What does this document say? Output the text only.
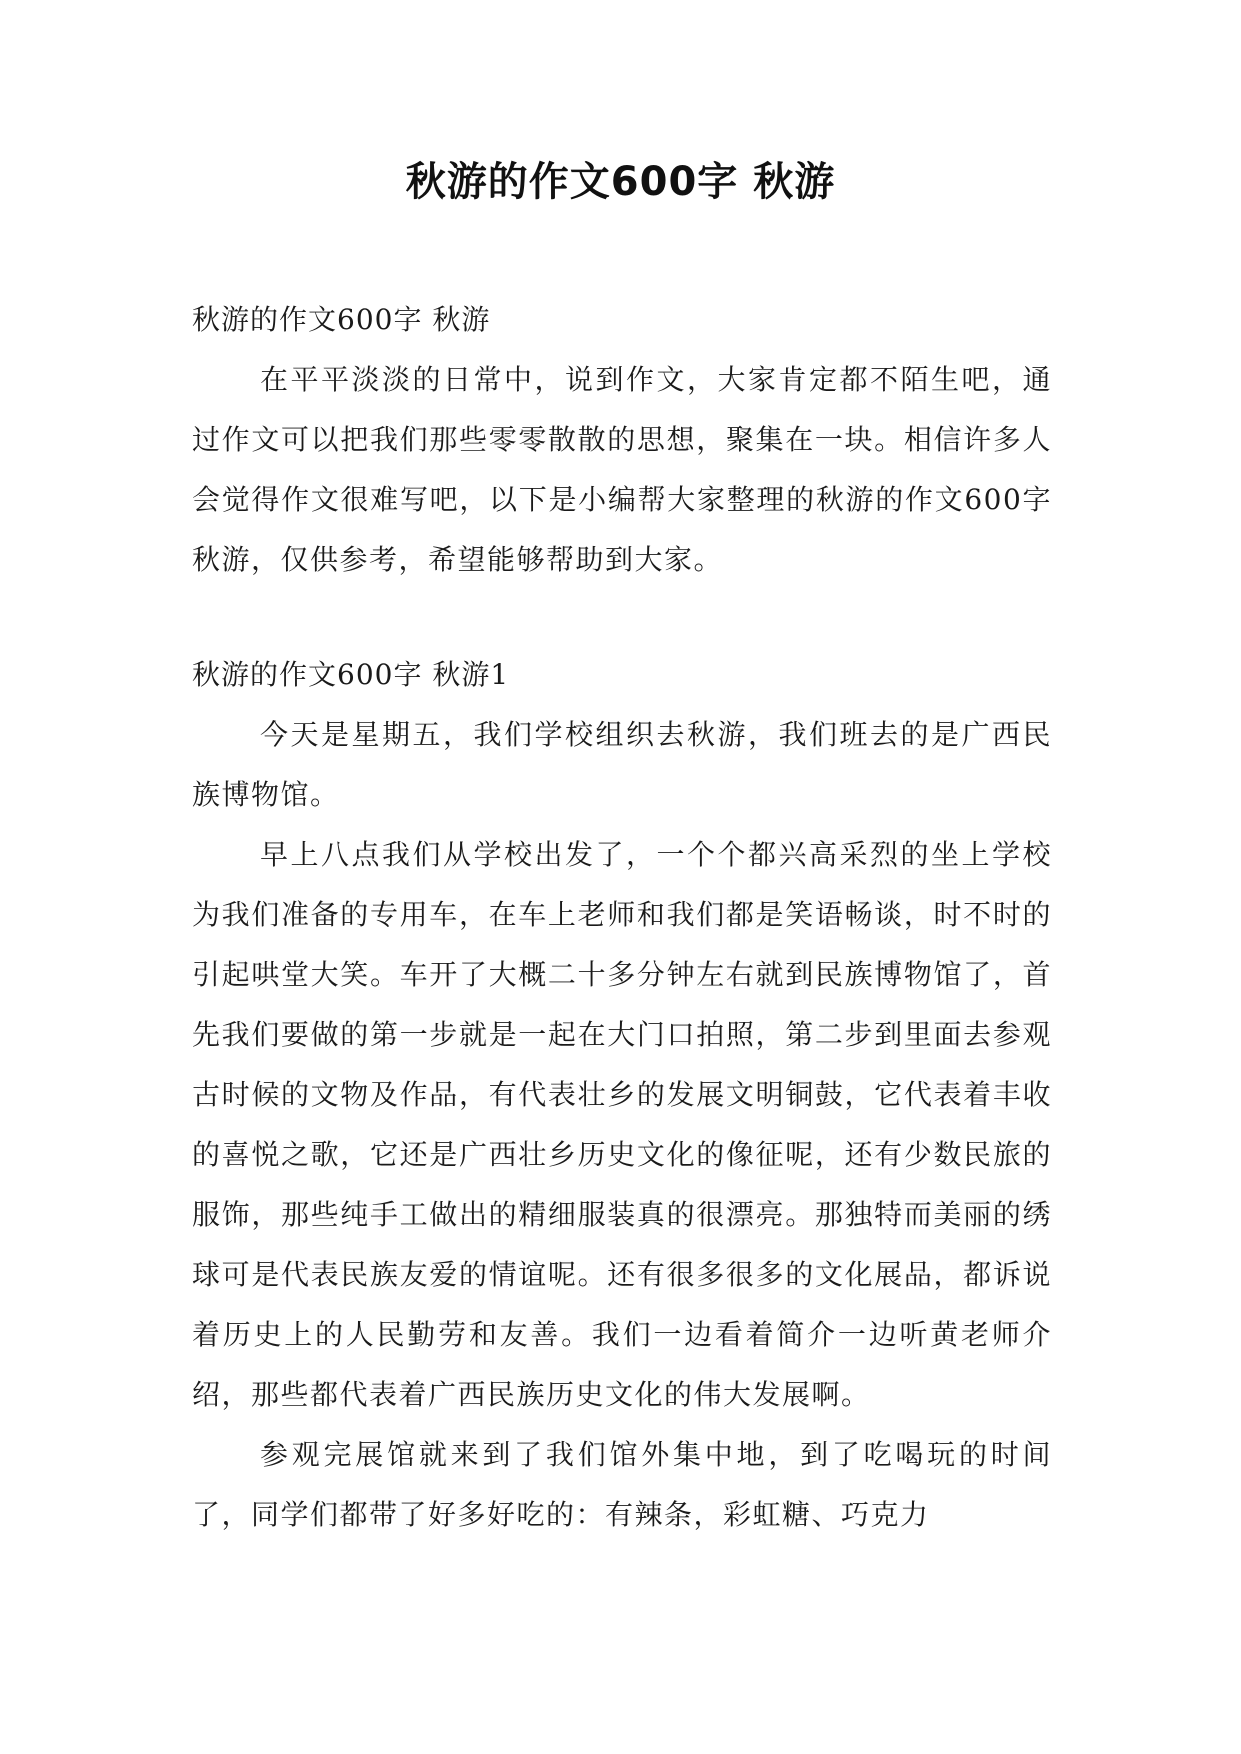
秋游的作文600字 秋游

秋游的作文600字 秋游

在平平淡淡的日常中，说到作文，大家肯定都不陌生吧，通过作文可以把我们那些零零散散的思想，聚集在一块。相信许多人会觉得作文很难写吧，以下是小编帮大家整理的秋游的作文600字 秋游，仅供参考，希望能够帮助到大家。

秋游的作文600字 秋游1

今天是星期五，我们学校组织去秋游，我们班去的是广西民族博物馆。

早上八点我们从学校出发了，一个个都兴高采烈的坐上学校为我们准备的专用车，在车上老师和我们都是笑语畅谈，时不时的引起哄堂大笑。车开了大概二十多分钟左右就到民族博物馆了，首先我们要做的第一步就是一起在大门口拍照，第二步到里面去参观古时候的文物及作品，有代表壮乡的发展文明铜鼓，它代表着丰收的喜悦之歌，它还是广西壮乡历史文化的像征呢，还有少数民旅的服饰，那些纯手工做出的精细服装真的很漂亮。那独特而美丽的绣球可是代表民族友爱的情谊呢。还有很多很多的文化展品，都诉说着历史上的人民勤劳和友善。我们一边看着简介一边听黄老师介绍，那些都代表着广西民族历史文化的伟大发展啊。

参观完展馆就来到了我们馆外集中地，到了吃喝玩的时间了，同学们都带了好多好吃的：有辣条，彩虹糖、巧克力
